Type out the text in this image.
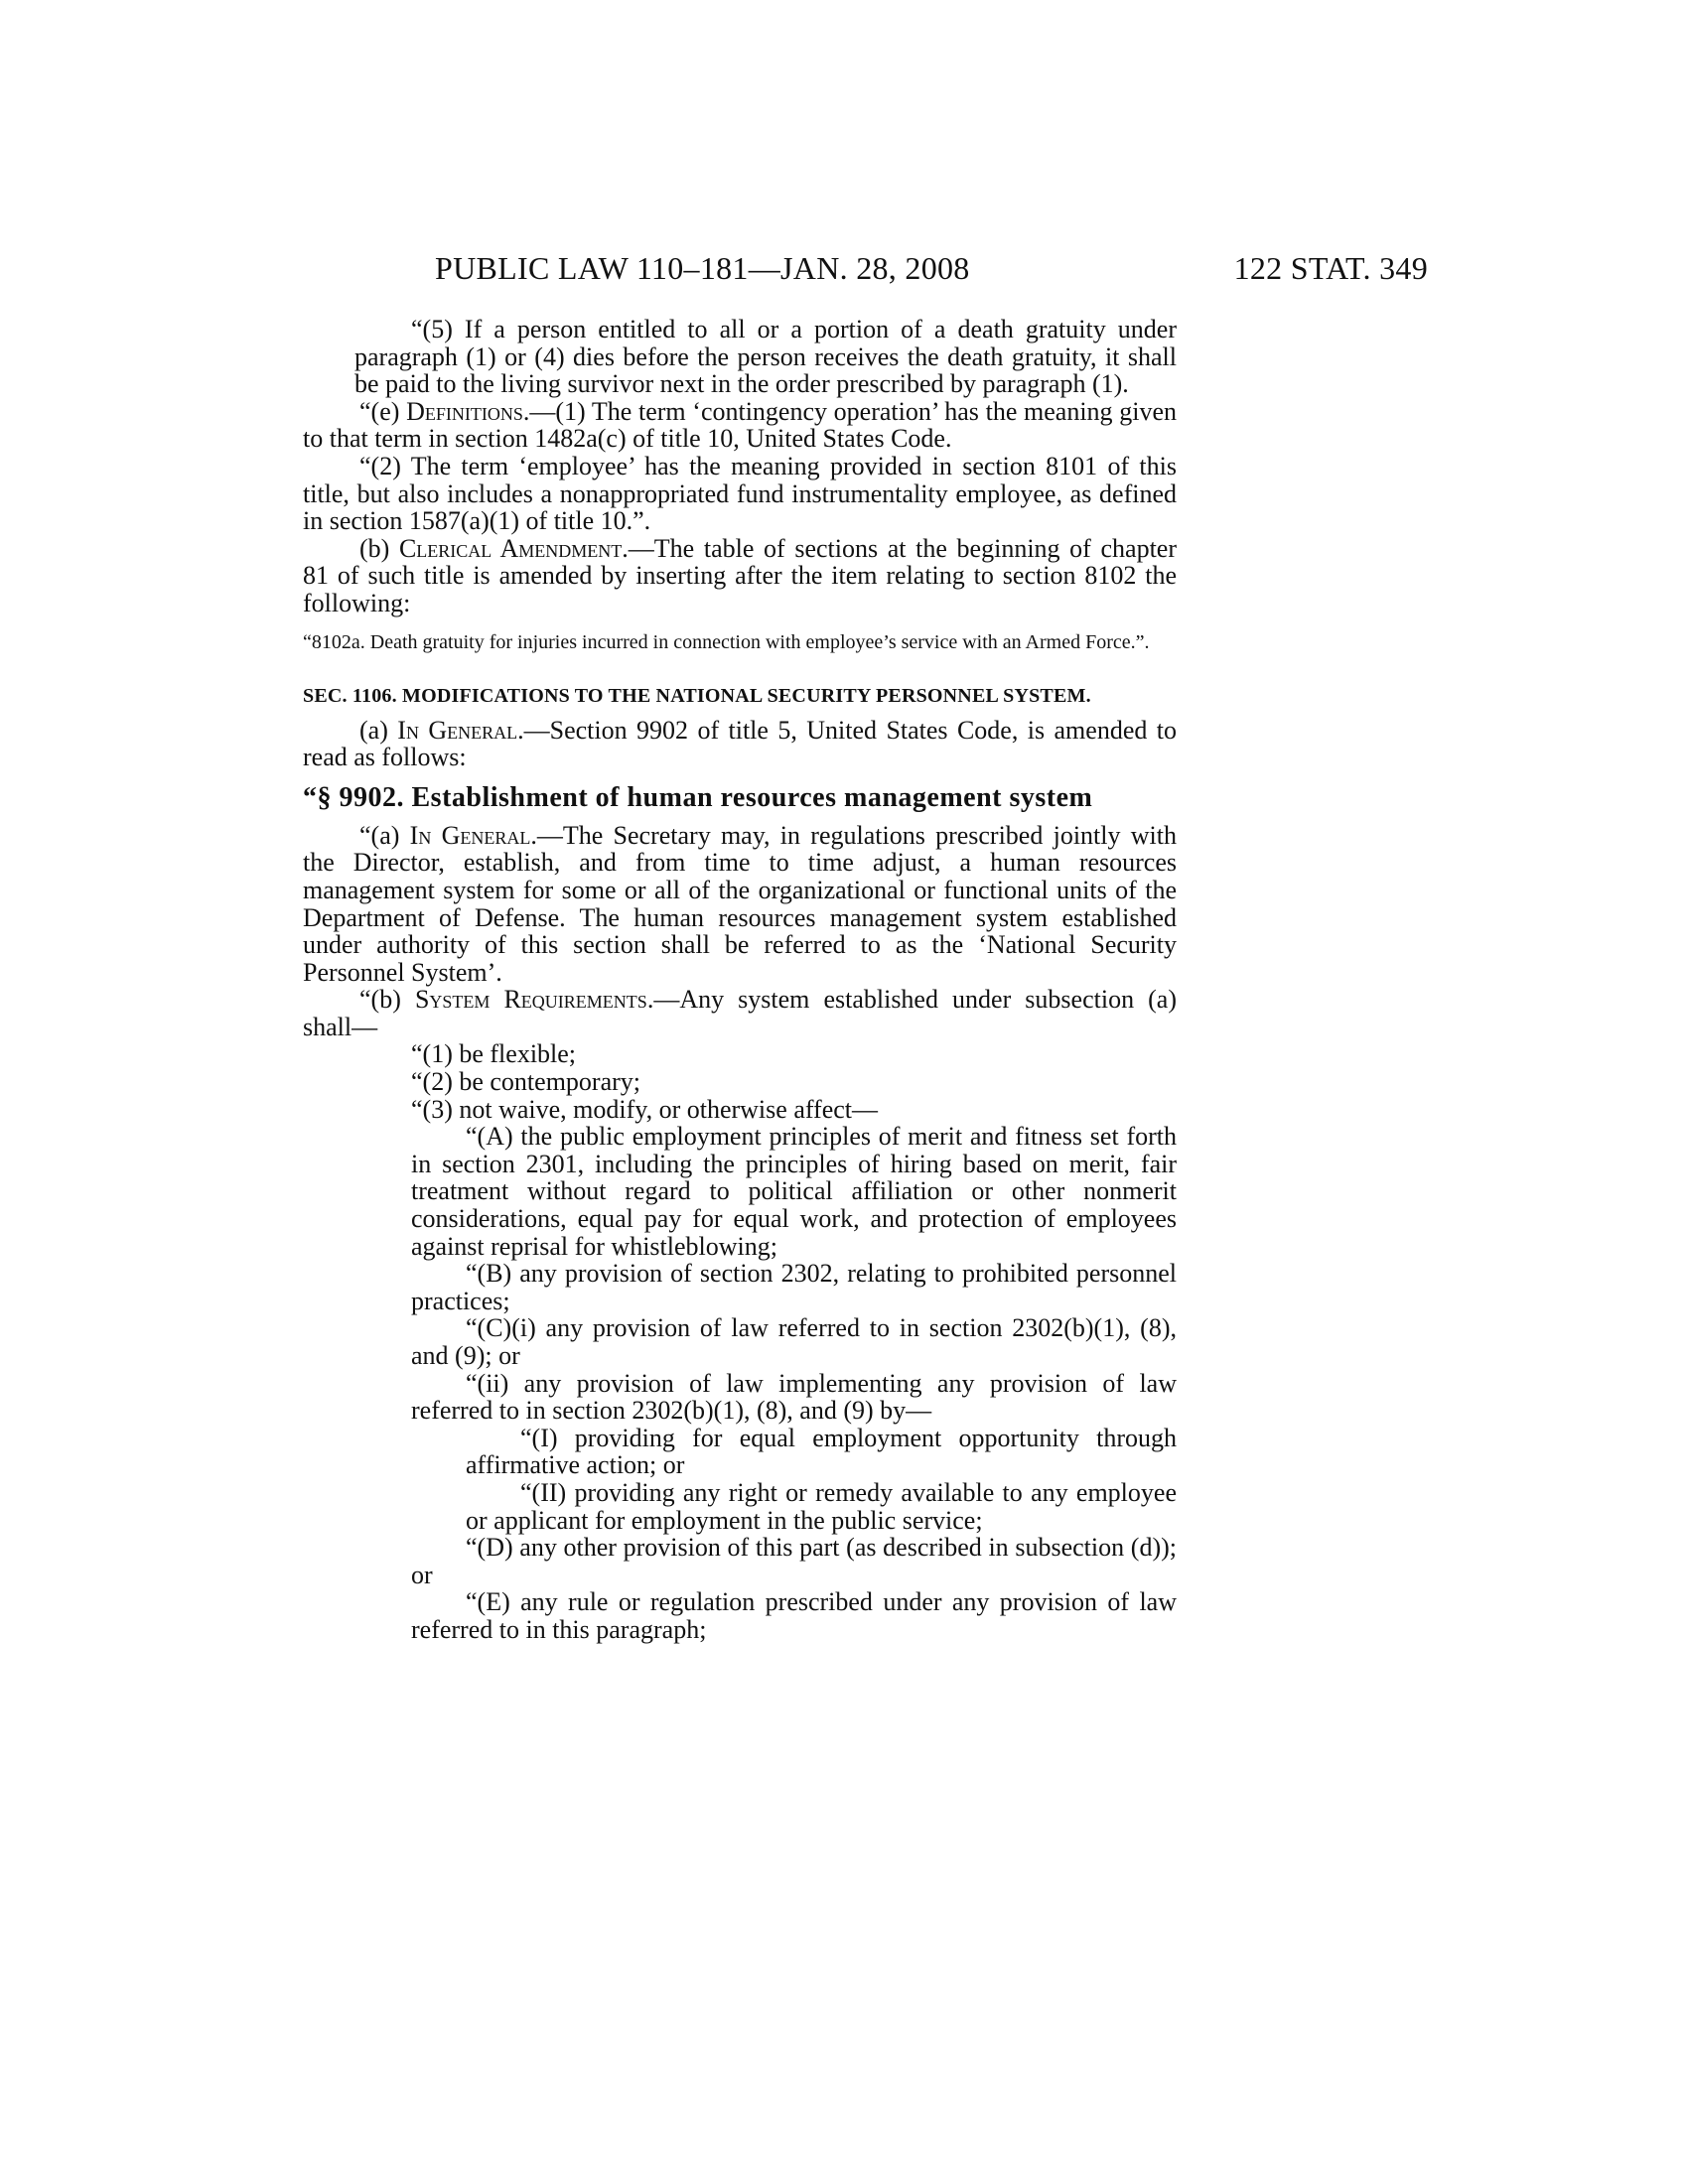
PUBLIC LAW 110–181—JAN. 28, 2008	122 STAT. 349

“(5) If a person entitled to all or a portion of a death gratuity under paragraph (1) or (4) dies before the person receives the death gratuity, it shall be paid to the living survivor next in the order prescribed by paragraph (1).

“(e) Definitions.—(1) The term ‘contingency operation’ has the meaning given to that term in section 1482a(c) of title 10, United States Code.

“(2) The term ‘employee’ has the meaning provided in section 8101 of this title, but also includes a nonappropriated fund instrumentality employee, as defined in section 1587(a)(1) of title 10.”.

(b) Clerical Amendment.—The table of sections at the beginning of chapter 81 of such title is amended by inserting after the item relating to section 8102 the following:

“8102a. Death gratuity for injuries incurred in connection with employee’s service with an Armed Force.”.

SEC. 1106. MODIFICATIONS TO THE NATIONAL SECURITY PERSONNEL SYSTEM.

(a) In General.—Section 9902 of title 5, United States Code, is amended to read as follows:

“§ 9902. Establishment of human resources management system

“(a) In General.—The Secretary may, in regulations prescribed jointly with the Director, establish, and from time to time adjust, a human resources management system for some or all of the organizational or functional units of the Department of Defense. The human resources management system established under authority of this section shall be referred to as the ‘National Security Personnel System’.

“(b) System Requirements.—Any system established under subsection (a) shall—

“(1) be flexible;

“(2) be contemporary;

“(3) not waive, modify, or otherwise affect—

“(A) the public employment principles of merit and fitness set forth in section 2301, including the principles of hiring based on merit, fair treatment without regard to political affiliation or other nonmerit considerations, equal pay for equal work, and protection of employees against reprisal for whistleblowing;

“(B) any provision of section 2302, relating to prohibited personnel practices;

“(C)(i) any provision of law referred to in section 2302(b)(1), (8), and (9); or

“(ii) any provision of law implementing any provision of law referred to in section 2302(b)(1), (8), and (9) by—

“(I) providing for equal employment opportunity through affirmative action; or

“(II) providing any right or remedy available to any employee or applicant for employment in the public service;

“(D) any other provision of this part (as described in subsection (d)); or

“(E) any rule or regulation prescribed under any provision of law referred to in this paragraph;
